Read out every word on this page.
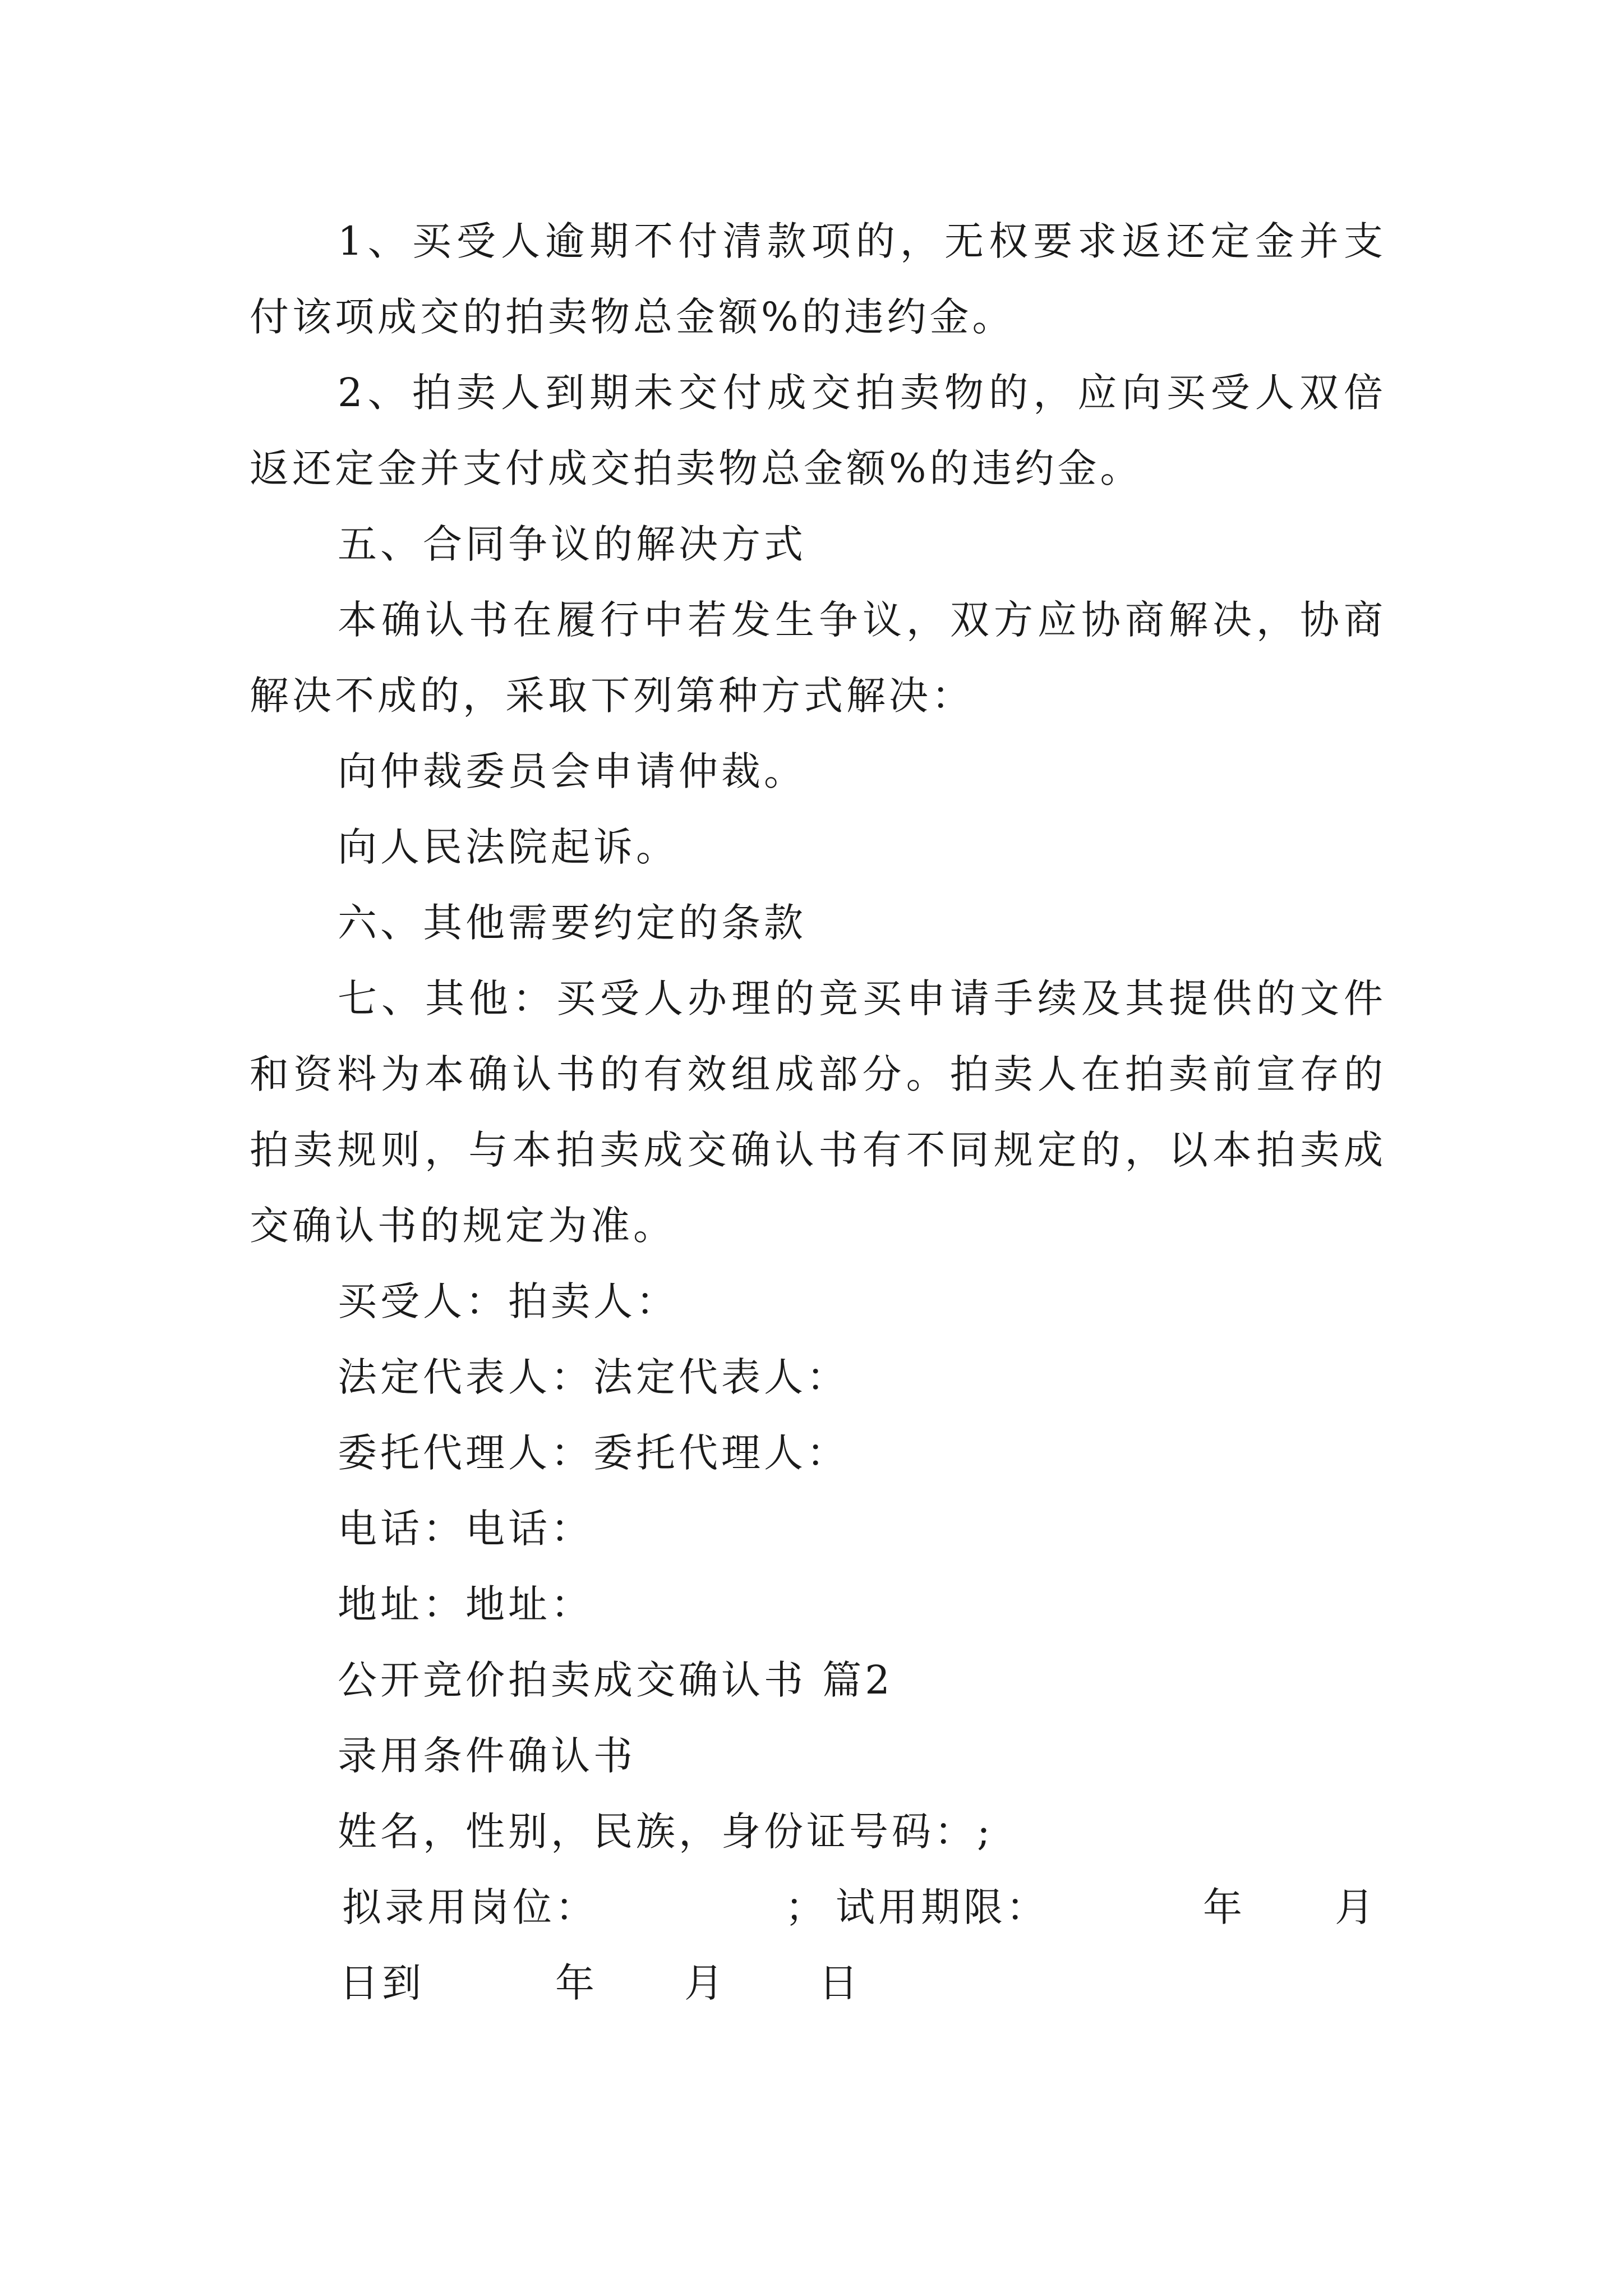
1、买受人逾期不付清款项的，无权要求返还定金并支
付该项成交的拍卖物总金额%的违约金。
2、拍卖人到期未交付成交拍卖物的，应向买受人双倍
返还定金并支付成交拍卖物总金额%的违约金。
五、合同争议的解决方式
本确认书在履行中若发生争议，双方应协商解决，协商
解决不成的，采取下列第种方式解决：
向仲裁委员会申请仲裁。
向人民法院起诉。
六、其他需要约定的条款
七、其他：买受人办理的竞买申请手续及其提供的文件
和资料为本确认书的有效组成部分。拍卖人在拍卖前宣存的
拍卖规则，与本拍卖成交确认书有不同规定的，以本拍卖成
交确认书的规定为准。
买受人：拍卖人：
法定代表人：法定代表人：
委托代理人：委托代理人：
电话：电话：
地址：地址：
公开竞价拍卖成交确认书 篇2
录用条件确认书
姓名，性别，民族，身份证号码：;

拟录用岗位：

	；

试用期限：

	年

月

日到

	年

月

日
